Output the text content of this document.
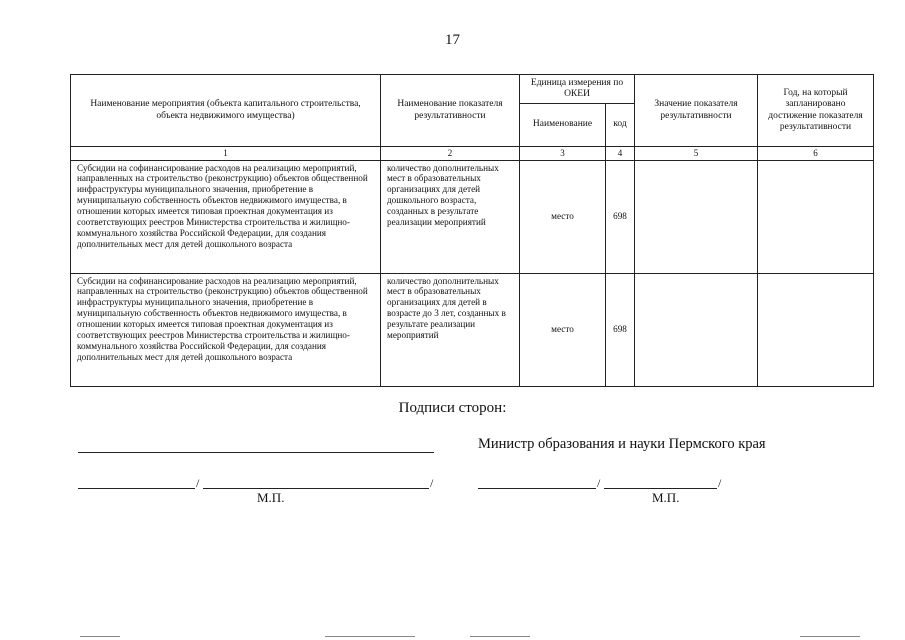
17
Наименование мероприятия (объекта капитального строительства, объекта недвижимого имущества)	Наименование показателя результативности	Единица измерения по ОКЕИ		Значение показателя результативности	Год, на который запланировано достижение показателя результативности
		Наименование	код		
1	2	3	4	5	6
Субсидии на софинансирование расходов на реализацию мероприятий, направленных на строительство (реконструкцию) объектов общественной инфраструктуры муниципального значения, приобретение в муниципальную собственность объектов недвижимого имущества, в отношении которых имеется типовая проектная документация из соответствующих реестров Министерства строительства и жилищно-коммунального хозяйства Российской Федерации, для создания дополнительных мест для детей дошкольного возраста	количество дополнительных мест в образовательных организациях для детей дошкольного возраста, созданных в результате реализации мероприятий	место	698		
Субсидии на софинансирование расходов на реализацию мероприятий, направленных на строительство (реконструкцию) объектов общественной инфраструктуры муниципального значения, приобретение в муниципальную собственность объектов недвижимого имущества, в отношении которых имеется типовая проектная документация из соответствующих реестров Министерства строительства и жилищно-коммунального хозяйства Российской Федерации, для создания дополнительных мест для детей дошкольного возраста	количество дополнительных мест в образовательных организациях для детей в возрасте до 3 лет, созданных в результате реализации мероприятий	место	698		
Подписи сторон:
/	/
М.П.
Министр образования и науки Пермского края
/	/
М.П.
